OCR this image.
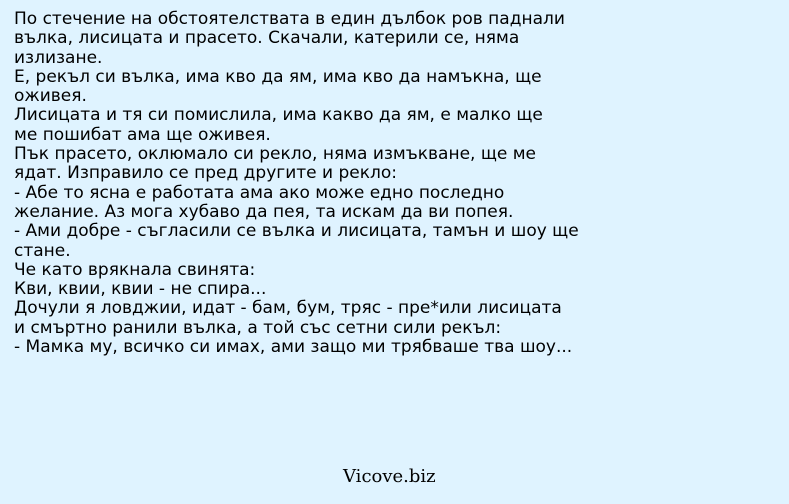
По стечение на обстоятелствата в един дълбок ров паднали
вълка, лисицата и прасето. Скачали, катерили се, няма
излизане.
Е, рекъл си вълка, има кво да ям, има кво да намъкна, ще
оживея.
Лисицата и тя си помислила, има какво да ям, е малко ще
ме пошибат ама ще оживея.
Пък прасето, оклюмало си рекло, няма измъкване, ще ме
ядат. Изправило се пред другите и рекло:
- Абе то ясна е работата ама ако може едно последно
желание. Аз мога хубаво да пея, та искам да ви попея.
- Ами добре - съгласили се вълка и лисицата, тамън и шоу ще
стане.
Че като врякнала свинята:
Кви, квии, квии - не спира...
Дочули я ловджии, идат - бам, бум, тряс - пре*или лисицата
и смъртно ранили вълка, а той със сетни сили рекъл:
- Мамка му, всичко си имах, ами защо ми трябваше тва шоу...
Vicove.biz
